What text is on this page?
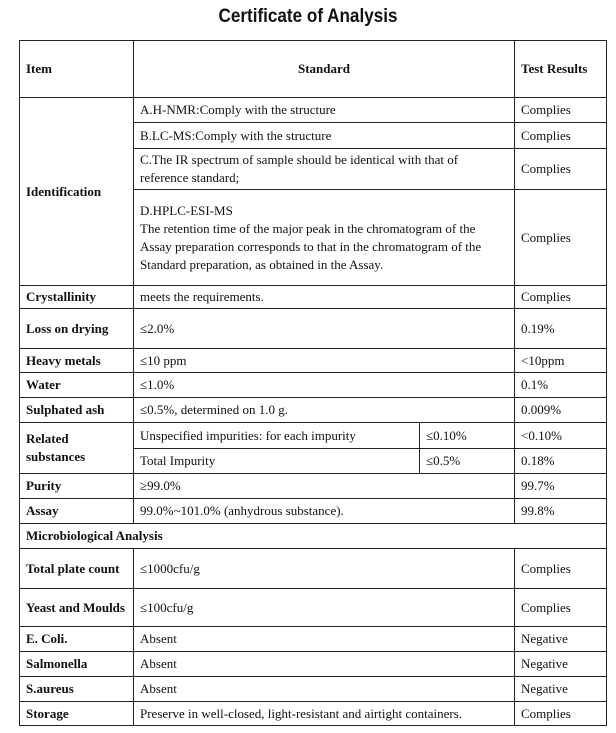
Certificate of Analysis
Item	Standard		Test Results
Identification	A.H-NMR:Comply with the structure		Complies
	B.LC-MS:Comply with the structure		Complies
	C.The IR spectrum of sample should be identical with that of reference standard;		Complies

	D.HPLC-ESI-MS
The retention time of the major peak in the chromatogram of the Assay preparation corresponds to that in the chromatogram of the Standard preparation, as obtained in the Assay.		Complies
Crystallinity	meets the requirements.		Complies
Loss on drying	≤2.0%		0.19%
Heavy metals	≤10 ppm		<10ppm
Water	≤1.0%		0.1%
Sulphated ash	≤0.5%, determined on 1.0 g.		0.009%
Related substances	Unspecified impurities: for each impurity	≤0.10%	<0.10%
	Total Impurity	≤0.5%	0.18%
Purity	≥99.0%		99.7%
Assay	99.0%~101.0% (anhydrous substance).		99.8%
Microbiological Analysis			
Total plate count	≤1000cfu/g		Complies
Yeast and Moulds	≤100cfu/g		Complies
E. Coli.	Absent		Negative
Salmonella	Absent		Negative
S.aureus	Absent		Negative
Storage	Preserve in well-closed, light-resistant and airtight containers.		Complies
